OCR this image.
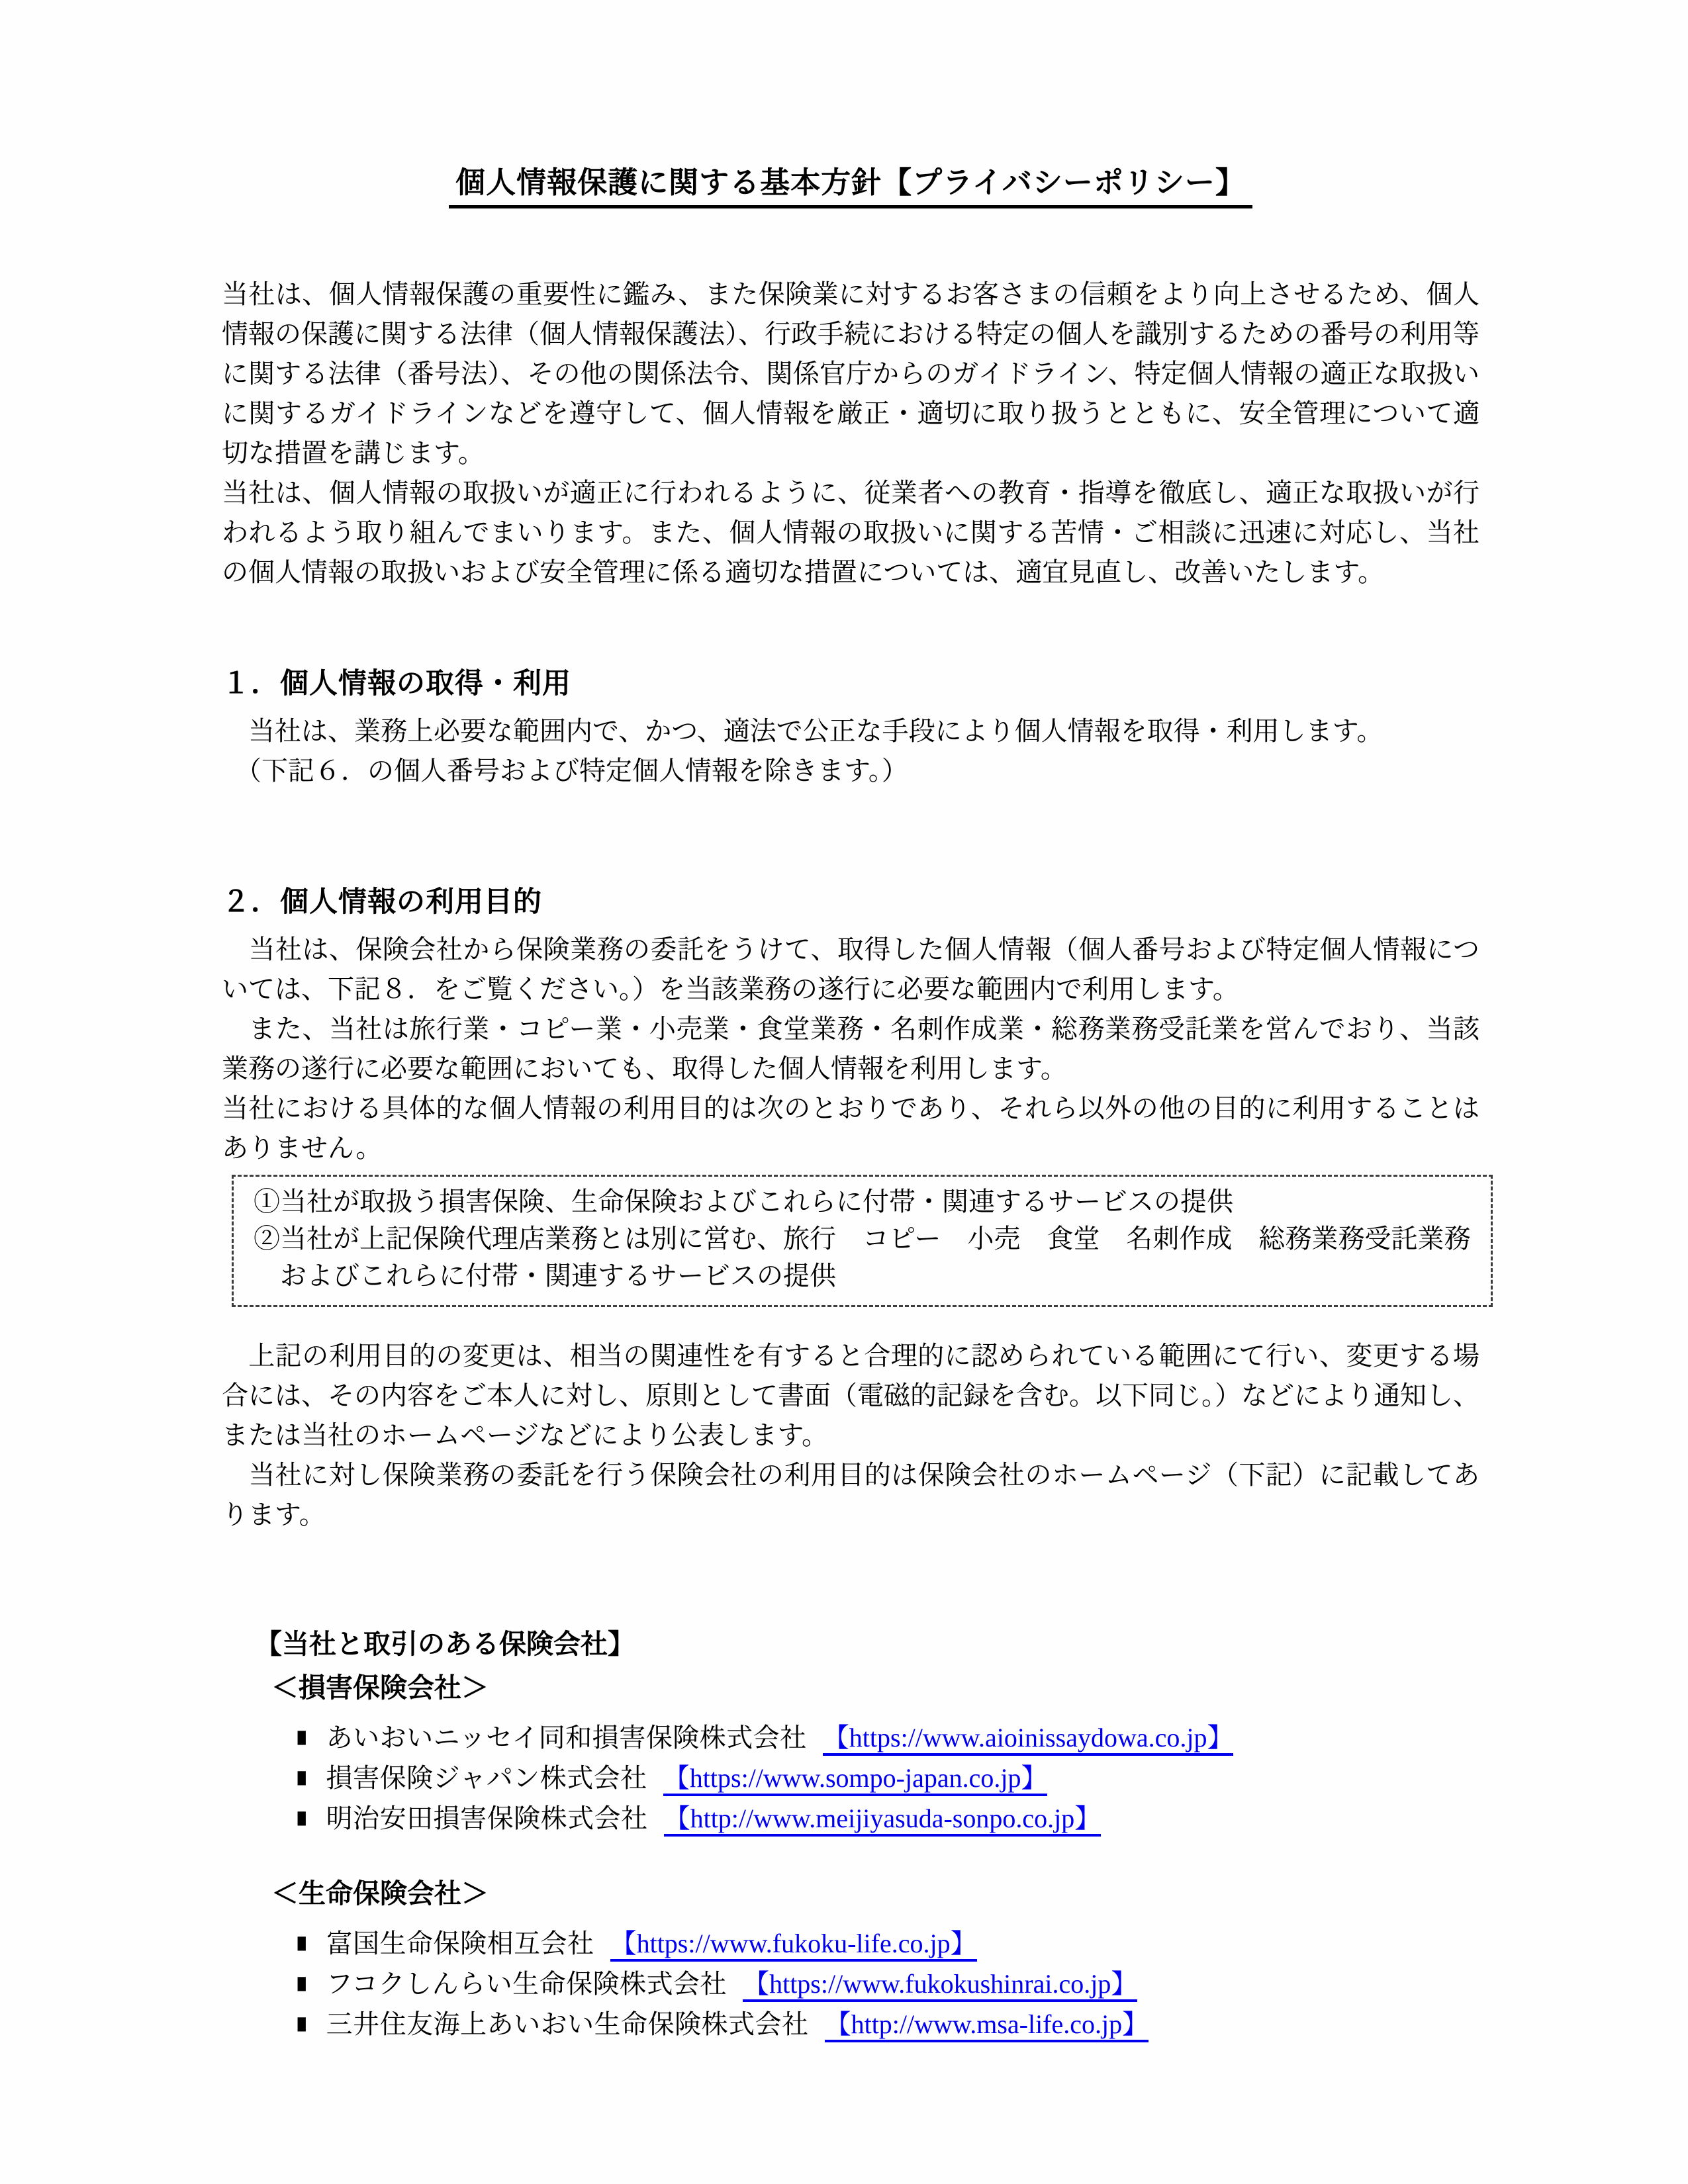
個人情報保護に関する基本方針【プライバシーポリシー】

当社は、個人情報保護の重要性に鑑み、また保険業に対するお客さまの信頼をより向上させるため、個人情報の保護に関する法律（個人情報保護法）、行政手続における特定の個人を識別するための番号の利用等に関する法律（番号法）、その他の関係法令、関係官庁からのガイドライン、特定個人情報の適正な取扱いに関するガイドラインなどを遵守して、個人情報を厳正・適切に取り扱うとともに、安全管理について適切な措置を講じます。

当社は、個人情報の取扱いが適正に行われるように、従業者への教育・指導を徹底し、適正な取扱いが行われるよう取り組んでまいります。また、個人情報の取扱いに関する苦情・ご相談に迅速に対応し、当社の個人情報の取扱いおよび安全管理に係る適切な措置については、適宜見直し、改善いたします。

１．個人情報の取得・利用

　当社は、業務上必要な範囲内で、かつ、適法で公正な手段により個人情報を取得・利用します。

　（下記６．の個人番号および特定個人情報を除きます。）

２．個人情報の利用目的

　当社は、保険会社から保険業務の委託をうけて、取得した個人情報（個人番号および特定個人情報については、下記８．をご覧ください。）を当該業務の遂行に必要な範囲内で利用します。

　また、当社は旅行業・コピー業・小売業・食堂業務・名刺作成業・総務業務受託業を営んでおり、当該業務の遂行に必要な範囲においても、取得した個人情報を利用します。

当社における具体的な個人情報の利用目的は次のとおりであり、それら以外の他の目的に利用することはありません。

①当社が取扱う損害保険、生命保険およびこれらに付帯・関連するサービスの提供

②当社が上記保険代理店業務とは別に営む、旅行　コピー　小売　食堂　名刺作成　総務業務受託業務

　およびこれらに付帯・関連するサービスの提供

　上記の利用目的の変更は、相当の関連性を有すると合理的に認められている範囲にて行い、変更する場合には、その内容をご本人に対し、原則として書面（電磁的記録を含む。以下同じ。）などにより通知し、または当社のホームページなどにより公表します。

　当社に対し保険業務の委託を行う保険会社の利用目的は保険会社のホームページ（下記）に記載してあります。

【当社と取引のある保険会社】
＜損害保険会社＞
■ あいおいニッセイ同和損害保険株式会社 【https://www.aioinissaydowa.co.jp】
■ 損害保険ジャパン株式会社 【https://www.sompo-japan.co.jp】
■ 明治安田損害保険株式会社 【http://www.meijiyasuda-sonpo.co.jp】
＜生命保険会社＞
■ 富国生命保険相互会社 【https://www.fukoku-life.co.jp】
■ フコクしんらい生命保険株式会社 【https://www.fukokushinrai.co.jp】
■ 三井住友海上あいおい生命保険株式会社 【http://www.msa-life.co.jp】
